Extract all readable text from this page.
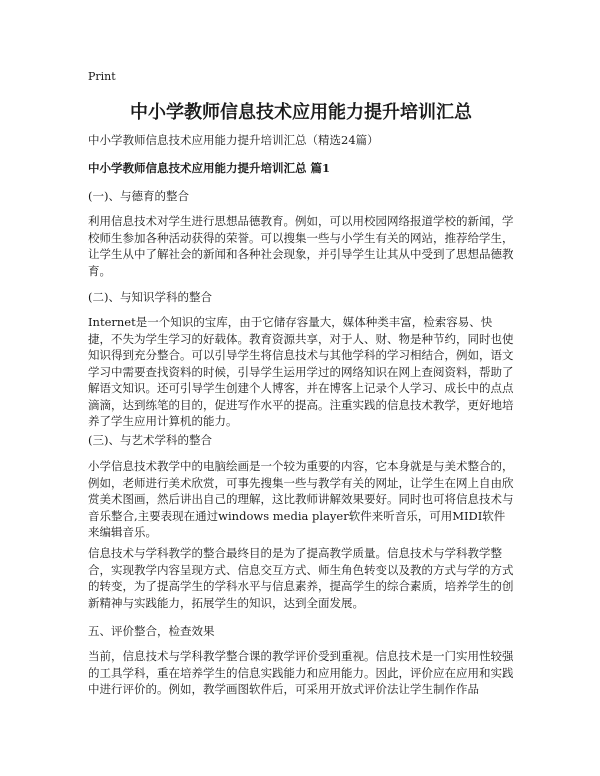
Print
中小学教师信息技术应用能力提升培训汇总

中小学教师信息技术应用能力提升培训汇总（精选24篇）

中小学教师信息技术应用能力提升培训汇总 篇1

(一)、与德育的整合

利用信息技术对学生进行思想品德教育。例如，可以用校园网络报道学校的新闻，学校师生参加各种活动获得的荣誉。可以搜集一些与小学生有关的网站，推荐给学生，让学生从中了解社会的新闻和各种社会现象，并引导学生让其从中受到了思想品德教育。

(二)、与知识学科的整合

Internet是一个知识的宝库，由于它储存容量大，媒体种类丰富，检索容易、快捷，不失为学生学习的好载体。教育资源共享，对于人、财、物是种节约，同时也使知识得到充分整合。可以引导学生将信息技术与其他学科的学习相结合，例如，语文学习中需要查找资料的时候，引导学生运用学过的网络知识在网上查阅资料，帮助了解语文知识。还可引导学生创建个人博客，并在博客上记录个人学习、成长中的点点滴滴，达到练笔的目的，促进写作水平的提高。注重实践的信息技术教学，更好地培养了学生应用计算机的能力。

(三)、与艺术学科的整合

小学信息技术教学中的电脑绘画是一个较为重要的内容，它本身就是与美术整合的，例如，老师进行美术欣赏，可事先搜集一些与教学有关的网址，让学生在网上自由欣赏美术图画，然后讲出自己的理解，这比教师讲解效果要好。同时也可将信息技术与音乐整合,主要表现在通过windows media player软件来听音乐，可用MIDI软件来编辑音乐。

信息技术与学科教学的整合最终目的是为了提高教学质量。信息技术与学科教学整合，实现教学内容呈现方式、信息交互方式、师生角色转变以及教的方式与学的方式的转变，为了提高学生的学科水平与信息素养，提高学生的综合素质，培养学生的创新精神与实践能力，拓展学生的知识，达到全面发展。

五、评价整合，检查效果

当前，信息技术与学科教学整合课的教学评价受到重视。信息技术是一门实用性较强的工具学科，重在培养学生的信息实践能力和应用能力。因此，评价应在应用和实践中进行评价的。例如，教学画图软件后，可采用开放式评价法让学生制作作品
